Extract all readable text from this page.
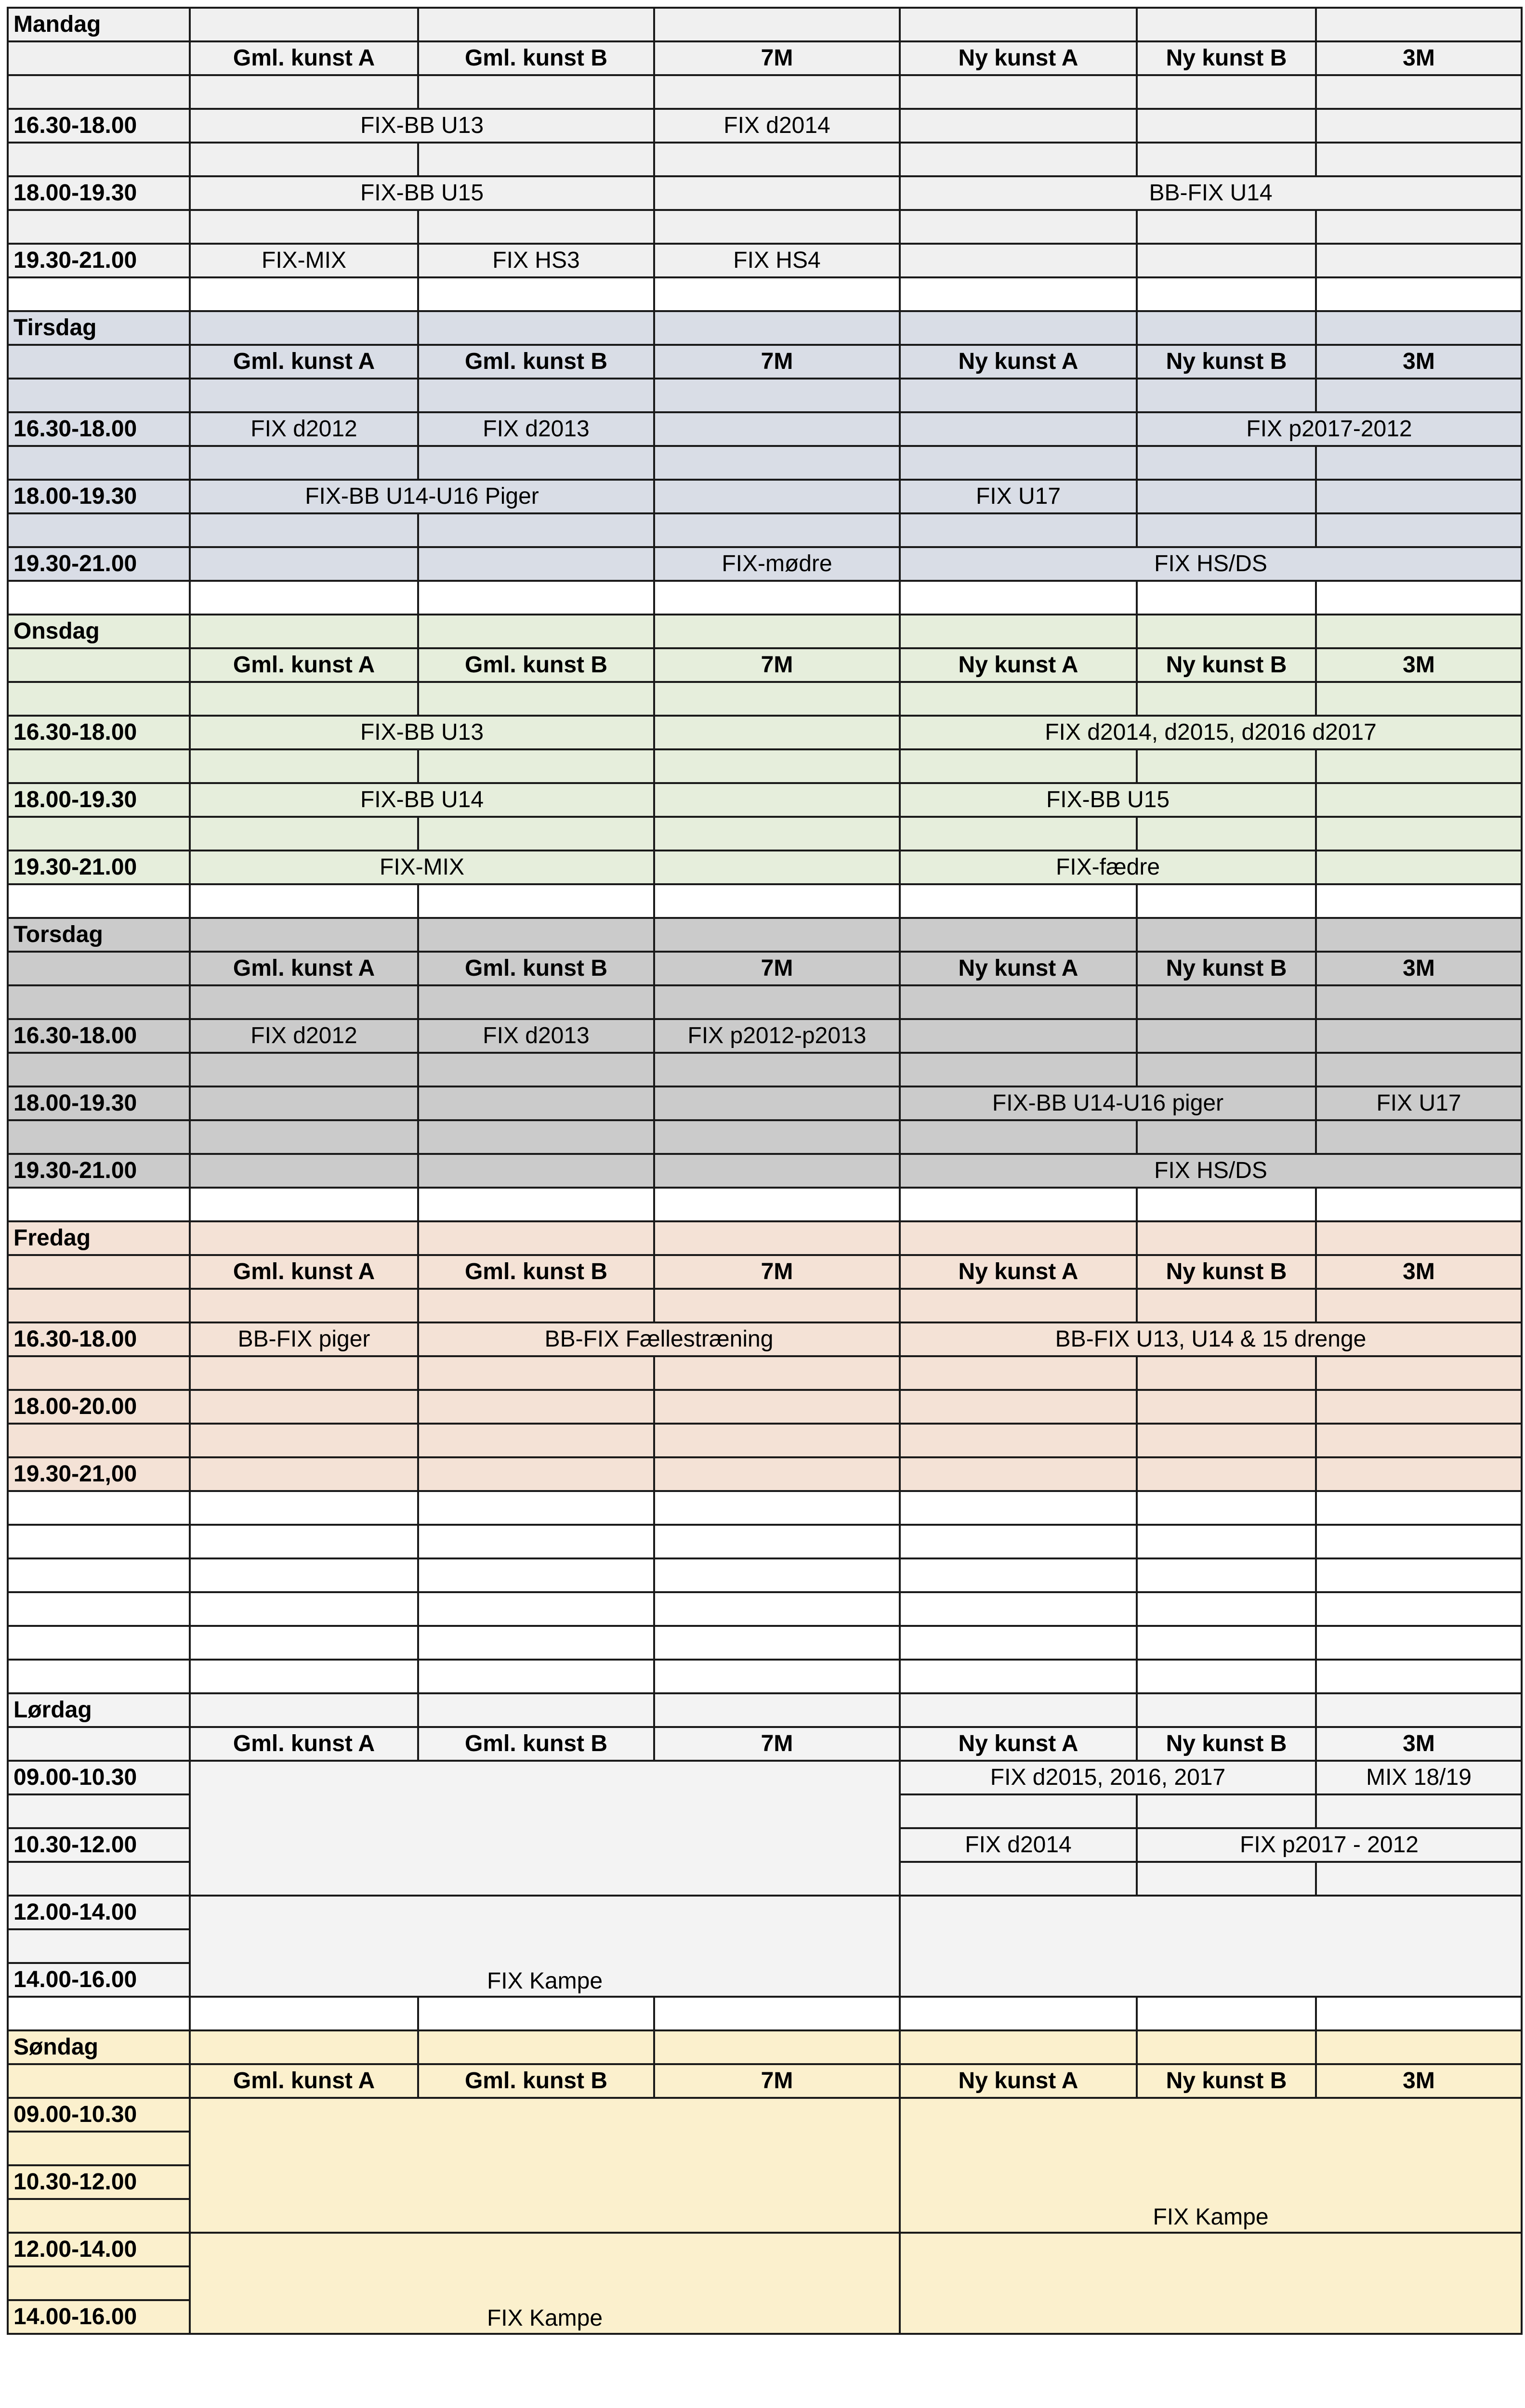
Mandag						
	Gml. kunst A	Gml. kunst B	7M	Ny kunst A	Ny kunst B	3M

16.30-18.00	FIX-BB U13		FIX d2014			

18.00-19.30	FIX-BB U15			BB-FIX U14		

19.30-21.00	FIX-MIX	FIX HS3	FIX HS4			

Tirsdag						
	Gml. kunst A	Gml. kunst B	7M	Ny kunst A	Ny kunst B	3M

16.30-18.00	FIX d2012	FIX d2013			FIX p2017-2012	

18.00-19.30	FIX-BB U14-U16 Piger			FIX U17		

19.30-21.00			FIX-mødre	FIX HS/DS		

Onsdag						
	Gml. kunst A	Gml. kunst B	7M	Ny kunst A	Ny kunst B	3M

16.30-18.00	FIX-BB U13			FIX d2014, d2015, d2016 d2017		

18.00-19.30	FIX-BB U14			FIX-BB U15		

19.30-21.00	FIX-MIX			FIX-fædre		

Torsdag						
	Gml. kunst A	Gml. kunst B	7M	Ny kunst A	Ny kunst B	3M

16.30-18.00	FIX d2012	FIX d2013	FIX p2012-p2013			

18.00-19.30				FIX-BB U14-U16 piger		FIX U17

19.30-21.00				FIX HS/DS		

Fredag						
	Gml. kunst A	Gml. kunst B	7M	Ny kunst A	Ny kunst B	3M

16.30-18.00	BB-FIX piger	BB-FIX Fællestræning		BB-FIX U13, U14 & 15 drenge		

18.00-20.00						

19.30-21,00						

Lørdag						
	Gml. kunst A	Gml. kunst B	7M	Ny kunst A	Ny kunst B	3M
09.00-10.30				FIX d2015, 2016, 2017		MIX 18/19

10.30-12.00				FIX d2014	FIX p2017 - 2012	

12.00-14.00	FIX Kampe					

14.00-16.00						

Søndag						
	Gml. kunst A	Gml. kunst B	7M	Ny kunst A	Ny kunst B	3M
09.00-10.30				FIX Kampe		

10.30-12.00						

12.00-14.00	FIX Kampe					

14.00-16.00						
